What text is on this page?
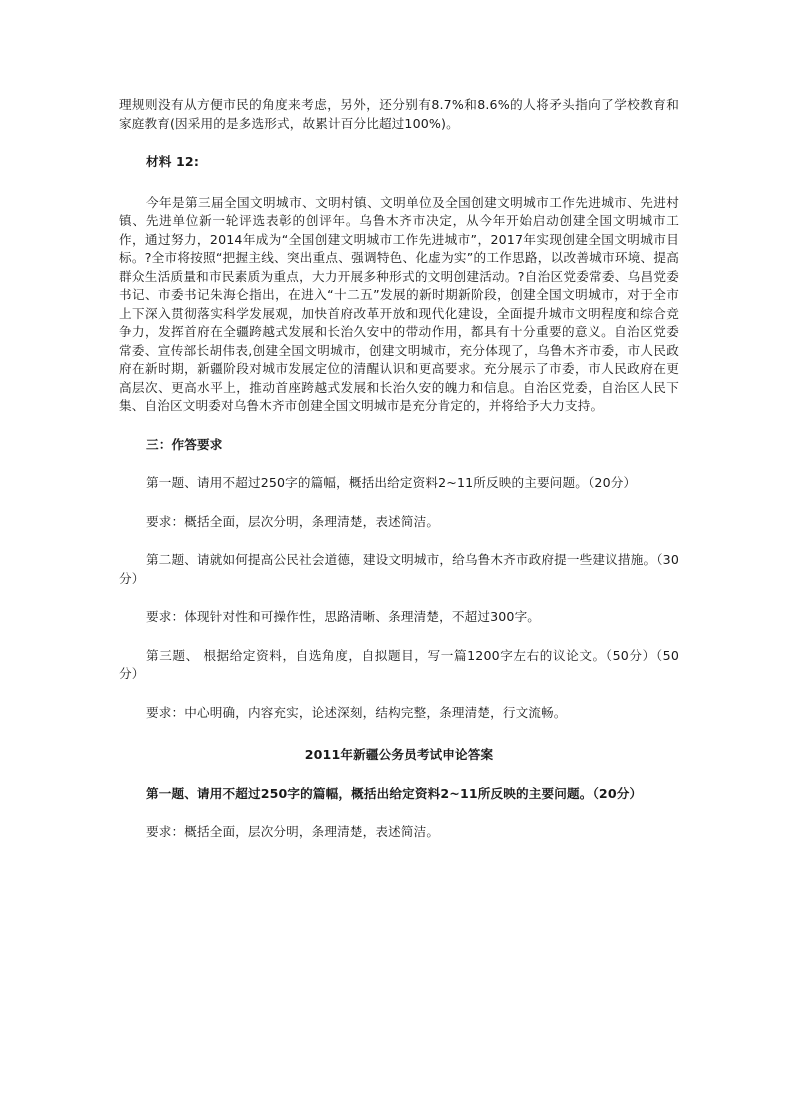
理规则没有从方便市民的角度来考虑，另外，还分别有8.7%和8.6%的人将矛头指向了学校教育和家庭教育(因采用的是多选形式，故累计百分比超过100%)。

材料 12:

今年是第三届全国文明城市、文明村镇、文明单位及全国创建文明城市工作先进城市、先进村镇、先进单位新一轮评选表彰的创评年。乌鲁木齐市决定，从今年开始启动创建全国文明城市工作，通过努力，2014年成为“全国创建文明城市工作先进城市”，2017年实现创建全国文明城市目标。?全市将按照“把握主线、突出重点、强调特色、化虚为实”的工作思路，以改善城市环境、提高群众生活质量和市民素质为重点，大力开展多种形式的文明创建活动。?自治区党委常委、乌昌党委书记、市委书记朱海仑指出，在进入“十二五”发展的新时期新阶段，创建全国文明城市，对于全市上下深入贯彻落实科学发展观，加快首府改革开放和现代化建设，全面提升城市文明程度和综合竞争力，发挥首府在全疆跨越式发展和长治久安中的带动作用，都具有十分重要的意义。自治区党委常委、宣传部长胡伟表,创建全国文明城市，创建文明城市，充分体现了，乌鲁木齐市委，市人民政府在新时期，新疆阶段对城市发展定位的清醒认识和更高要求。充分展示了市委，市人民政府在更高层次、更高水平上，推动首座跨越式发展和长治久安的魄力和信息。自治区党委，自治区人民下集、自治区文明委对乌鲁木齐市创建全国文明城市是充分肯定的，并将给予大力支持。

三：作答要求

第一题、请用不超过250字的篇幅，概括出给定资料2~11所反映的主要问题。（20分）

要求：概括全面，层次分明，条理清楚，表述简洁。

第二题、请就如何提高公民社会道德，建设文明城市，给乌鲁木齐市政府提一些建议措施。（30分）

要求：体现针对性和可操作性，思路清晰、条理清楚，不超过300字。

第三题、 根据给定资料，自选角度，自拟题目，写一篇1200字左右的议论文。（50分）（50分）

要求：中心明确，内容充实，论述深刻，结构完整，条理清楚，行文流畅。

2011年新疆公务员考试申论答案

第一题、请用不超过250字的篇幅，概括出给定资料2~11所反映的主要问题。（20分）

要求：概括全面，层次分明，条理清楚，表述简洁。
